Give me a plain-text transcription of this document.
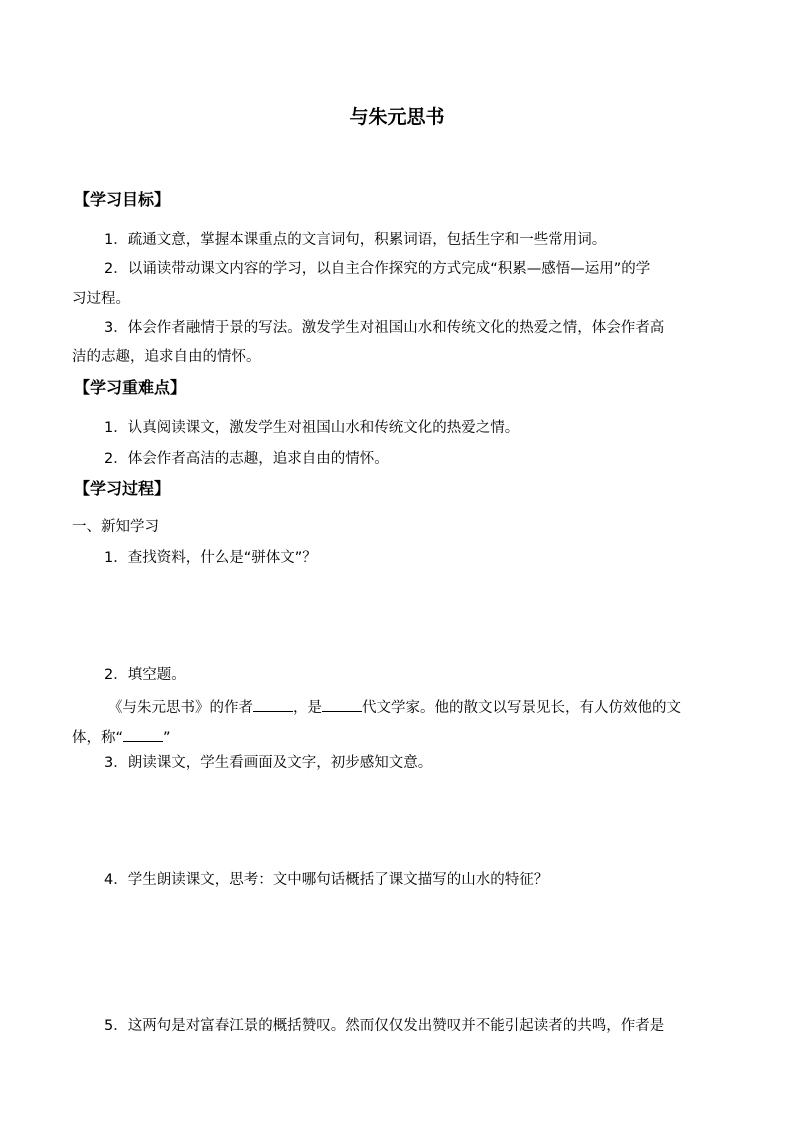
与朱元思书
【学习目标】
1．疏通文意，掌握本课重点的文言词句，积累词语，包括生字和一些常用词。
2．以诵读带动课文内容的学习，以自主合作探究的方式完成“积累—感悟—运用”的学
习过程。
3．体会作者融情于景的写法。激发学生对祖国山水和传统文化的热爱之情，体会作者高
洁的志趣，追求自由的情怀。
【学习重难点】
1．认真阅读课文，激发学生对祖国山水和传统文化的热爱之情。
2．体会作者高洁的志趣，追求自由的情怀。
【学习过程】
一、新知学习
1．查找资料，什么是“骈体文”？
2．填空题。
《与朱元思书》的作者	，是	代文学家。他的散文以写景见长，有人仿效他的文
体，称“	”
3．朗读课文，学生看画面及文字，初步感知文意。
4．学生朗读课文，思考：文中哪句话概括了课文描写的山水的特征？
5．这两句是对富春江景的概括赞叹。然而仅仅发出赞叹并不能引起读者的共鸣，作者是
